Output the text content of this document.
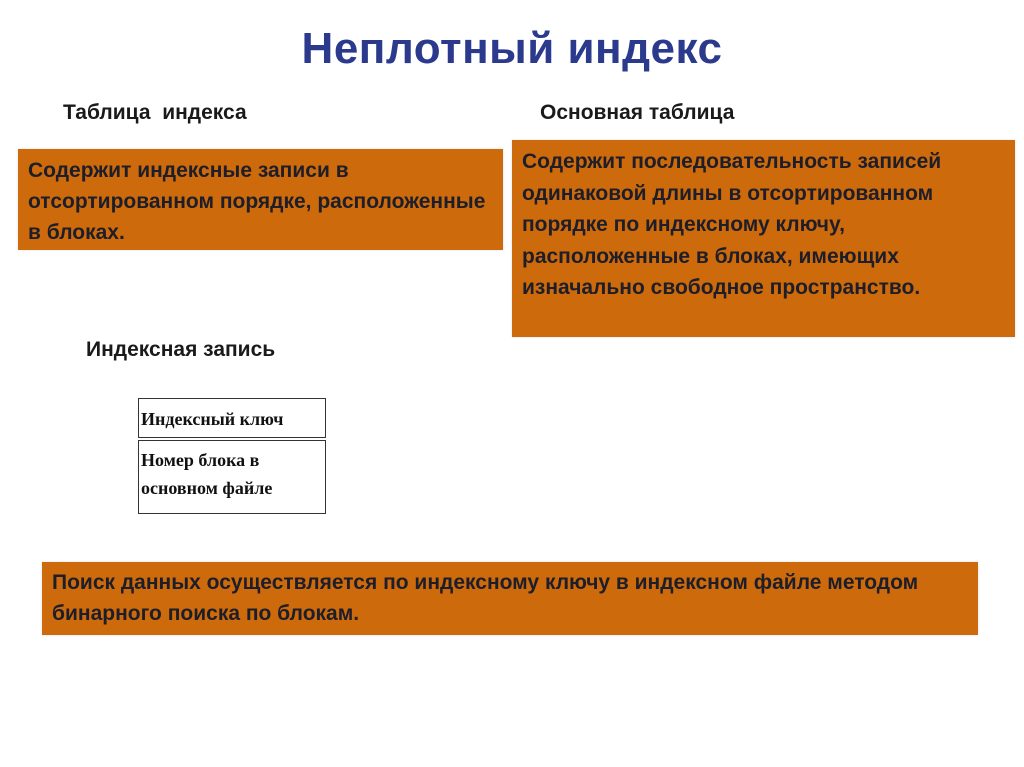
Неплотный индекс
Таблица  индекса	Основная таблица
Содержит индексные записи в отсортированном порядке, расположенные в блоках.
Содержит последовательность записей одинаковой длины в отсортированном порядке по индексному ключу, расположенные в блоках, имеющих изначально свободное пространство.
Индексная запись
Индексный ключ
Номер блока в основном файле
Поиск данных осуществляется по индексному ключу в индексном файле методом бинарного поиска по блокам.
